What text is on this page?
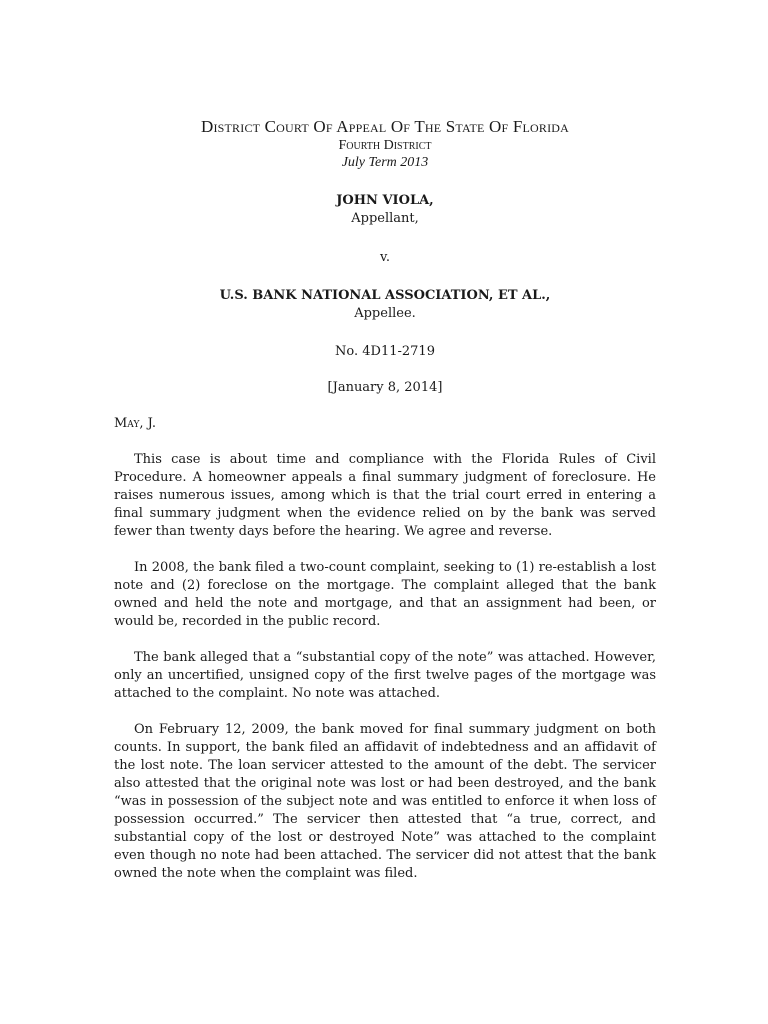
District Court Of Appeal Of The State Of Florida
Fourth District
July Term 2013
JOHN VIOLA,
Appellant,
v.
U.S. BANK NATIONAL ASSOCIATION, ET AL.,
Appellee.
No. 4D11-2719
[January 8, 2014]
May, J.

This case is about time and compliance with the Florida Rules of Civil Procedure. A homeowner appeals a final summary judgment of foreclosure. He raises numerous issues, among which is that the trial court erred in entering a final summary judgment when the evidence relied on by the bank was served fewer than twenty days before the hearing. We agree and reverse.

In 2008, the bank filed a two-count complaint, seeking to (1) re-establish a lost note and (2) foreclose on the mortgage. The complaint alleged that the bank owned and held the note and mortgage, and that an assignment had been, or would be, recorded in the public record.

The bank alleged that a “substantial copy of the note” was attached. However, only an uncertified, unsigned copy of the first twelve pages of the mortgage was attached to the complaint. No note was attached.

On February 12, 2009, the bank moved for final summary judgment on both counts. In support, the bank filed an affidavit of indebtedness and an affidavit of the lost note. The loan servicer attested to the amount of the debt. The servicer also attested that the original note was lost or had been destroyed, and the bank “was in possession of the subject note and was entitled to enforce it when loss of possession occurred.” The servicer then attested that “a true, correct, and substantial copy of the lost or destroyed Note” was attached to the complaint even though no note had been attached. The servicer did not attest that the bank owned the note when the complaint was filed.
